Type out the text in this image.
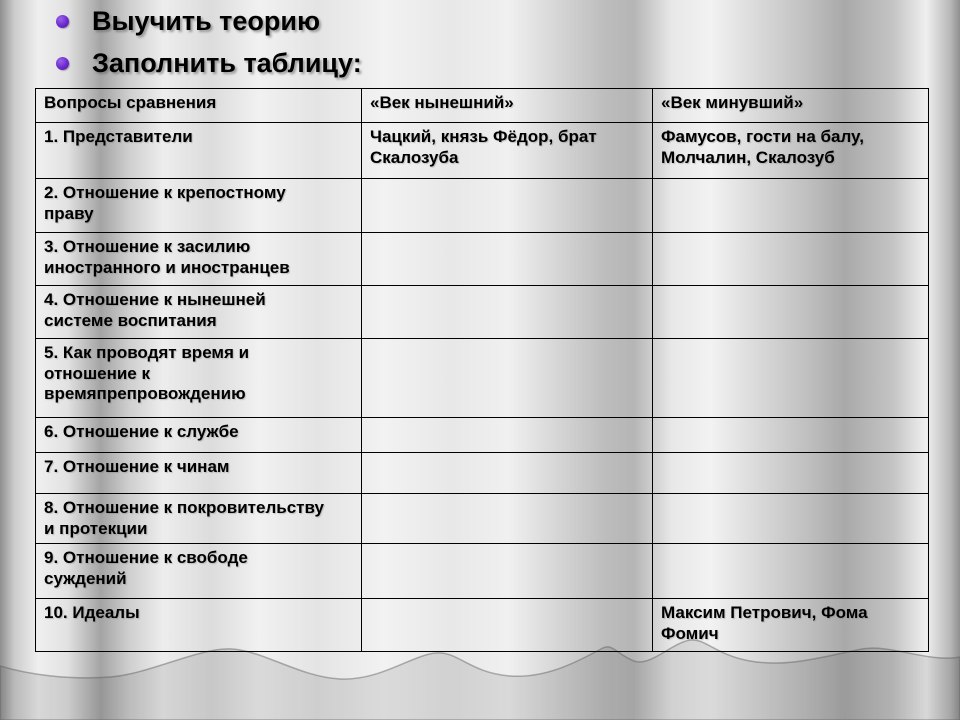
Выучить теорию
Заполнить таблицу:
Вопросы сравнения	«Век нынешний»	«Век минувший»
1. Представители	Чацкий, князь Фёдор, брат Скалозуба	Фамусов, гости на балу, Молчалин, Скалозуб
2. Отношение к крепостному праву		
3. Отношение к засилию иностранного и иностранцев		
4. Отношение к нынешней системе воспитания		
5. Как проводят время и отношение к времяпрепровождению		
6. Отношение к службе		
7. Отношение к чинам		
8. Отношение к покровительству и протекции		
9. Отношение к свободе суждений		
10. Идеалы		Максим Петрович, Фома Фомич
